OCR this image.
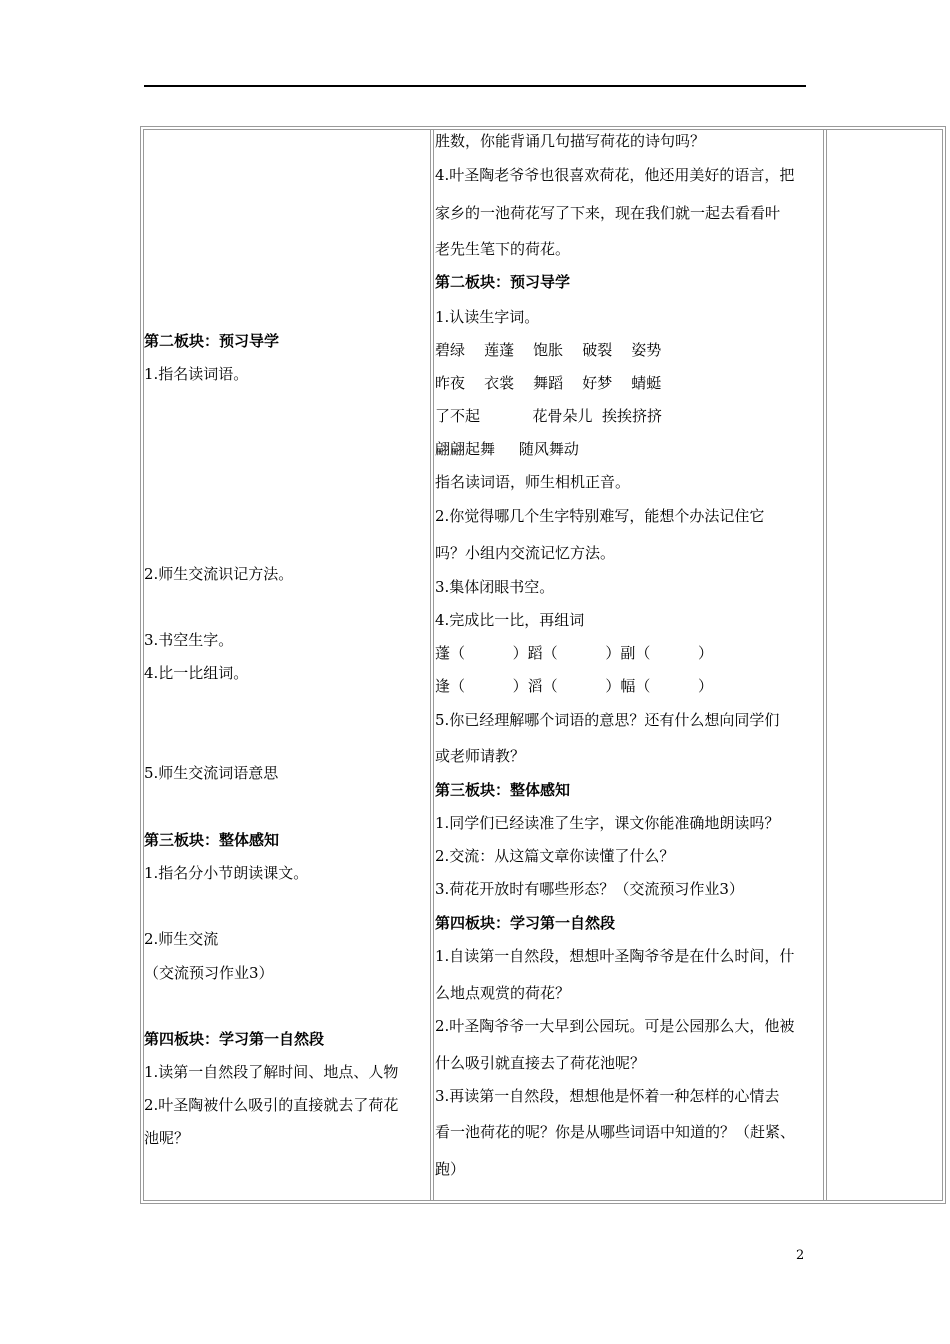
第二板块：预习导学
1.指名读词语。
2.师生交流识记方法。
3.书空生字。
4.比一比组词。
5.师生交流词语意思
第三板块：整体感知
1.指名分小节朗读课文。
2.师生交流
（交流预习作业3）
第四板块：学习第一自然段
1.读第一自然段了解时间、地点、人物
2.叶圣陶被什么吸引的直接就去了荷花
池呢？
胜数，你能背诵几句描写荷花的诗句吗？
4.叶圣陶老爷爷也很喜欢荷花，他还用美好的语言，把
家乡的一池荷花写了下来，现在我们就一起去看看叶
老先生笔下的荷花。
第二板块：预习导学
1.认读生字词。
碧绿    莲蓬    饱胀    破裂    姿势
昨夜    衣裳    舞蹈    好梦    蜻蜓
了不起           花骨朵儿  挨挨挤挤
翩翩起舞     随风舞动
指名读词语，师生相机正音。
2.你觉得哪几个生字特别难写，能想个办法记住它
吗？小组内交流记忆方法。
3.集体闭眼书空。
4.完成比一比，再组词
蓬（          ）蹈（          ）副（          ）
逢（          ）滔（          ）幅（          ）
5.你已经理解哪个词语的意思？还有什么想向同学们
或老师请教？
第三板块：整体感知
1.同学们已经读准了生字，课文你能准确地朗读吗？
2.交流：从这篇文章你读懂了什么？
3.荷花开放时有哪些形态？（交流预习作业3）
第四板块：学习第一自然段
1.自读第一自然段，想想叶圣陶爷爷是在什么时间，什
么地点观赏的荷花？
2.叶圣陶爷爷一大早到公园玩。可是公园那么大，他被
什么吸引就直接去了荷花池呢？
3.再读第一自然段，想想他是怀着一种怎样的心情去
看一池荷花的呢？你是从哪些词语中知道的？（赶紧、
跑）
2
